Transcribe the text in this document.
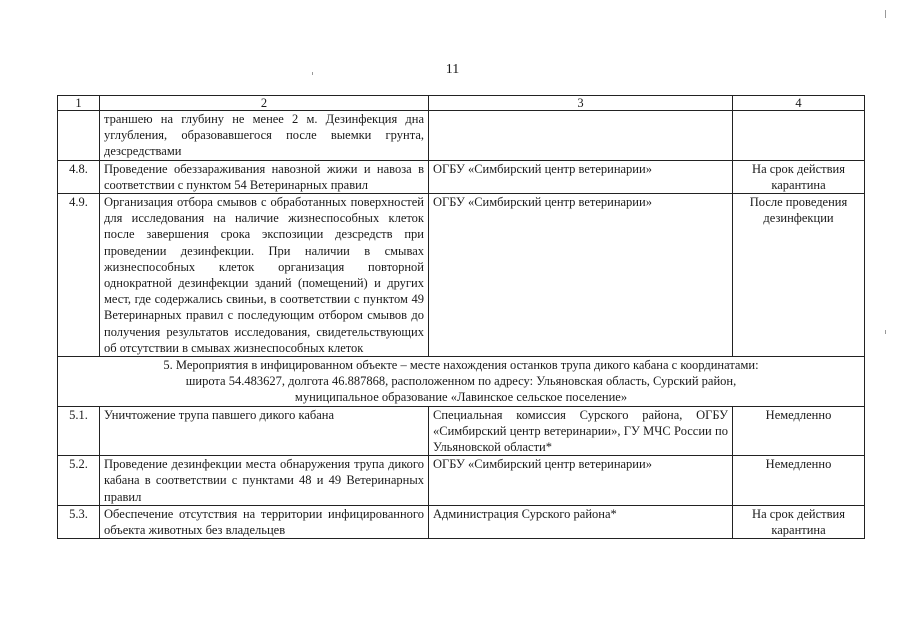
11
1	2	3	4
	траншею на глубину не менее 2 м. Дезинфекция дна углубления, образовавшегося после выемки грунта, дезсредствами		
4.8.	Проведение обеззараживания навозной жижи и навоза в соответствии с пунктом 54 Ветеринарных правил	ОГБУ «Симбирский центр ветеринарии»	На срок действия карантина
4.9.	Организация отбора смывов с обработанных поверхностей для исследования на наличие жизнеспособных клеток после завершения срока экспозиции дезсредств при проведении дезинфекции. При наличии в смывах жизнеспособных клеток организация повторной однократной дезинфекции зданий (помещений) и других мест, где содержались свиньи, в соответствии с пунктом 49 Ветеринарных правил с последующим отбором смывов до получения результатов исследования, свидетельствующих об отсутствии в смывах жизнеспособных клеток	ОГБУ «Симбирский центр ветеринарии»	После проведения дезинфекции

5. Мероприятия в инфицированном объекте – месте нахождения останков трупа дикого кабана с координатами:
широта 54.483627, долгота 46.887868, расположенном по адресу: Ульяновская область, Сурский район,
муниципальное образование «Лавинское сельское поселение»			

5.1.	Уничтожение трупа павшего дикого кабана	Специальная комиссия Сурского района, ОГБУ «Симбирский центр ветеринарии», ГУ МЧС России по Ульяновской области*	Немедленно
5.2.	Проведение дезинфекции места обнаружения трупа дикого кабана в соответствии с пунктами 48 и 49 Ветеринарных правил	ОГБУ «Симбирский центр ветеринарии»	Немедленно
5.3.	Обеспечение отсутствия на территории инфицированного объекта животных без владельцев	Администрация Сурского района*	На срок действия карантина
